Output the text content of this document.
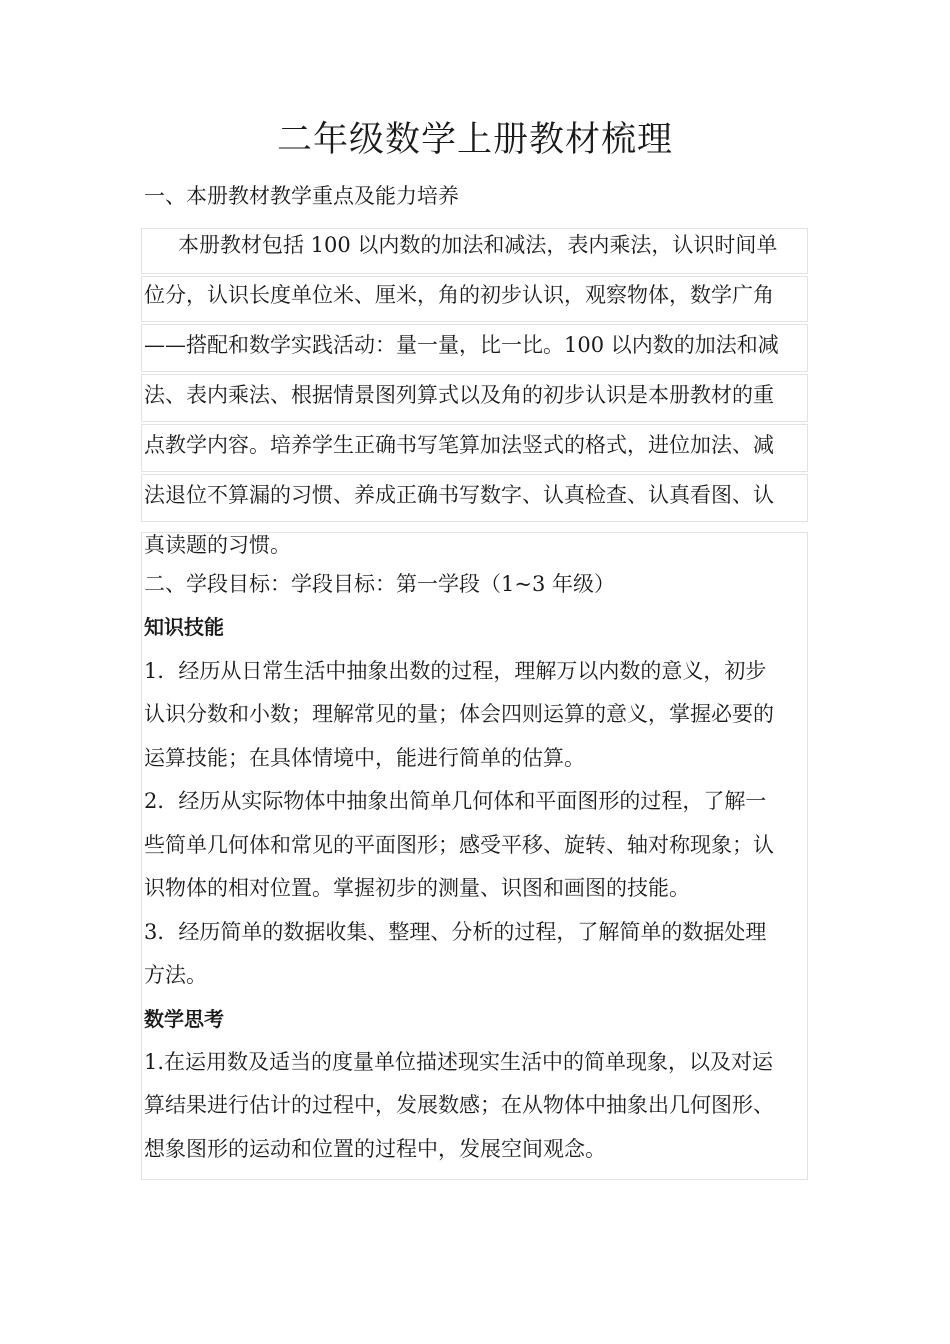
二年级数学上册教材梳理
一、本册教材教学重点及能力培养
本册教材包括 100 以内数的加法和减法，表内乘法，认识时间单
位分，认识长度单位米、厘米，角的初步认识，观察物体，数学广角
——搭配和数学实践活动：量一量，比一比。100 以内数的加法和减
法、表内乘法、根据情景图列算式以及角的初步认识是本册教材的重
点教学内容。培养学生正确书写笔算加法竖式的格式，进位加法、减
法退位不算漏的习惯、养成正确书写数字、认真检查、认真看图、认
真读题的习惯。
二、学段目标：学段目标：第一学段（1~3 年级）
知识技能
1．经历从日常生活中抽象出数的过程，理解万以内数的意义，初步
认识分数和小数；理解常见的量；体会四则运算的意义，掌握必要的
运算技能；在具体情境中，能进行简单的估算。
2．经历从实际物体中抽象出简单几何体和平面图形的过程，了解一
些简单几何体和常见的平面图形；感受平移、旋转、轴对称现象；认
识物体的相对位置。掌握初步的测量、识图和画图的技能。
3．经历简单的数据收集、整理、分析的过程，了解简单的数据处理
方法。
数学思考
1.在运用数及适当的度量单位描述现实生活中的简单现象，以及对运
算结果进行估计的过程中，发展数感；在从物体中抽象出几何图形、
想象图形的运动和位置的过程中，发展空间观念。
